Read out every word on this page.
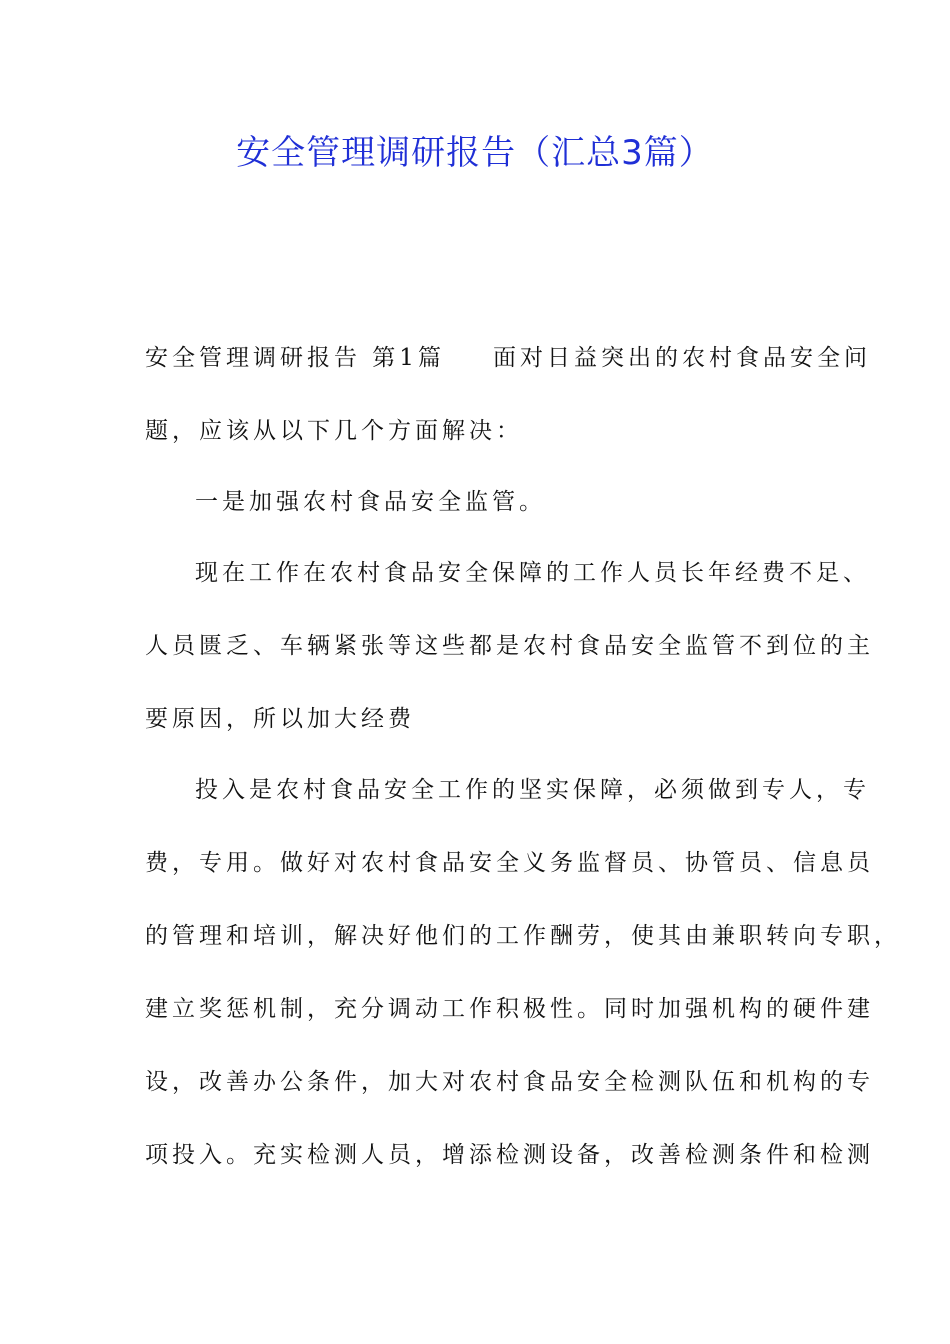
安全管理调研报告（汇总3篇）

安全管理调研报告 第1篇 面对日益突出的农村食品安全问
题，应该从以下几个方面解决：

一是加强农村食品安全监管。

现在工作在农村食品安全保障的工作人员长年经费不足、
人员匮乏、车辆紧张等这些都是农村食品安全监管不到位的主
要原因，所以加大经费

投入是农村食品安全工作的坚实保障，必须做到专人，专
费，专用。做好对农村食品安全义务监督员、协管员、信息员
的管理和培训，解决好他们的工作酬劳，使其由兼职转向专职，
建立奖惩机制，充分调动工作积极性。同时加强机构的硬件建
设，改善办公条件，加大对农村食品安全检测队伍和机构的专
项投入。充实检测人员，增添检测设备，改善检测条件和检测
